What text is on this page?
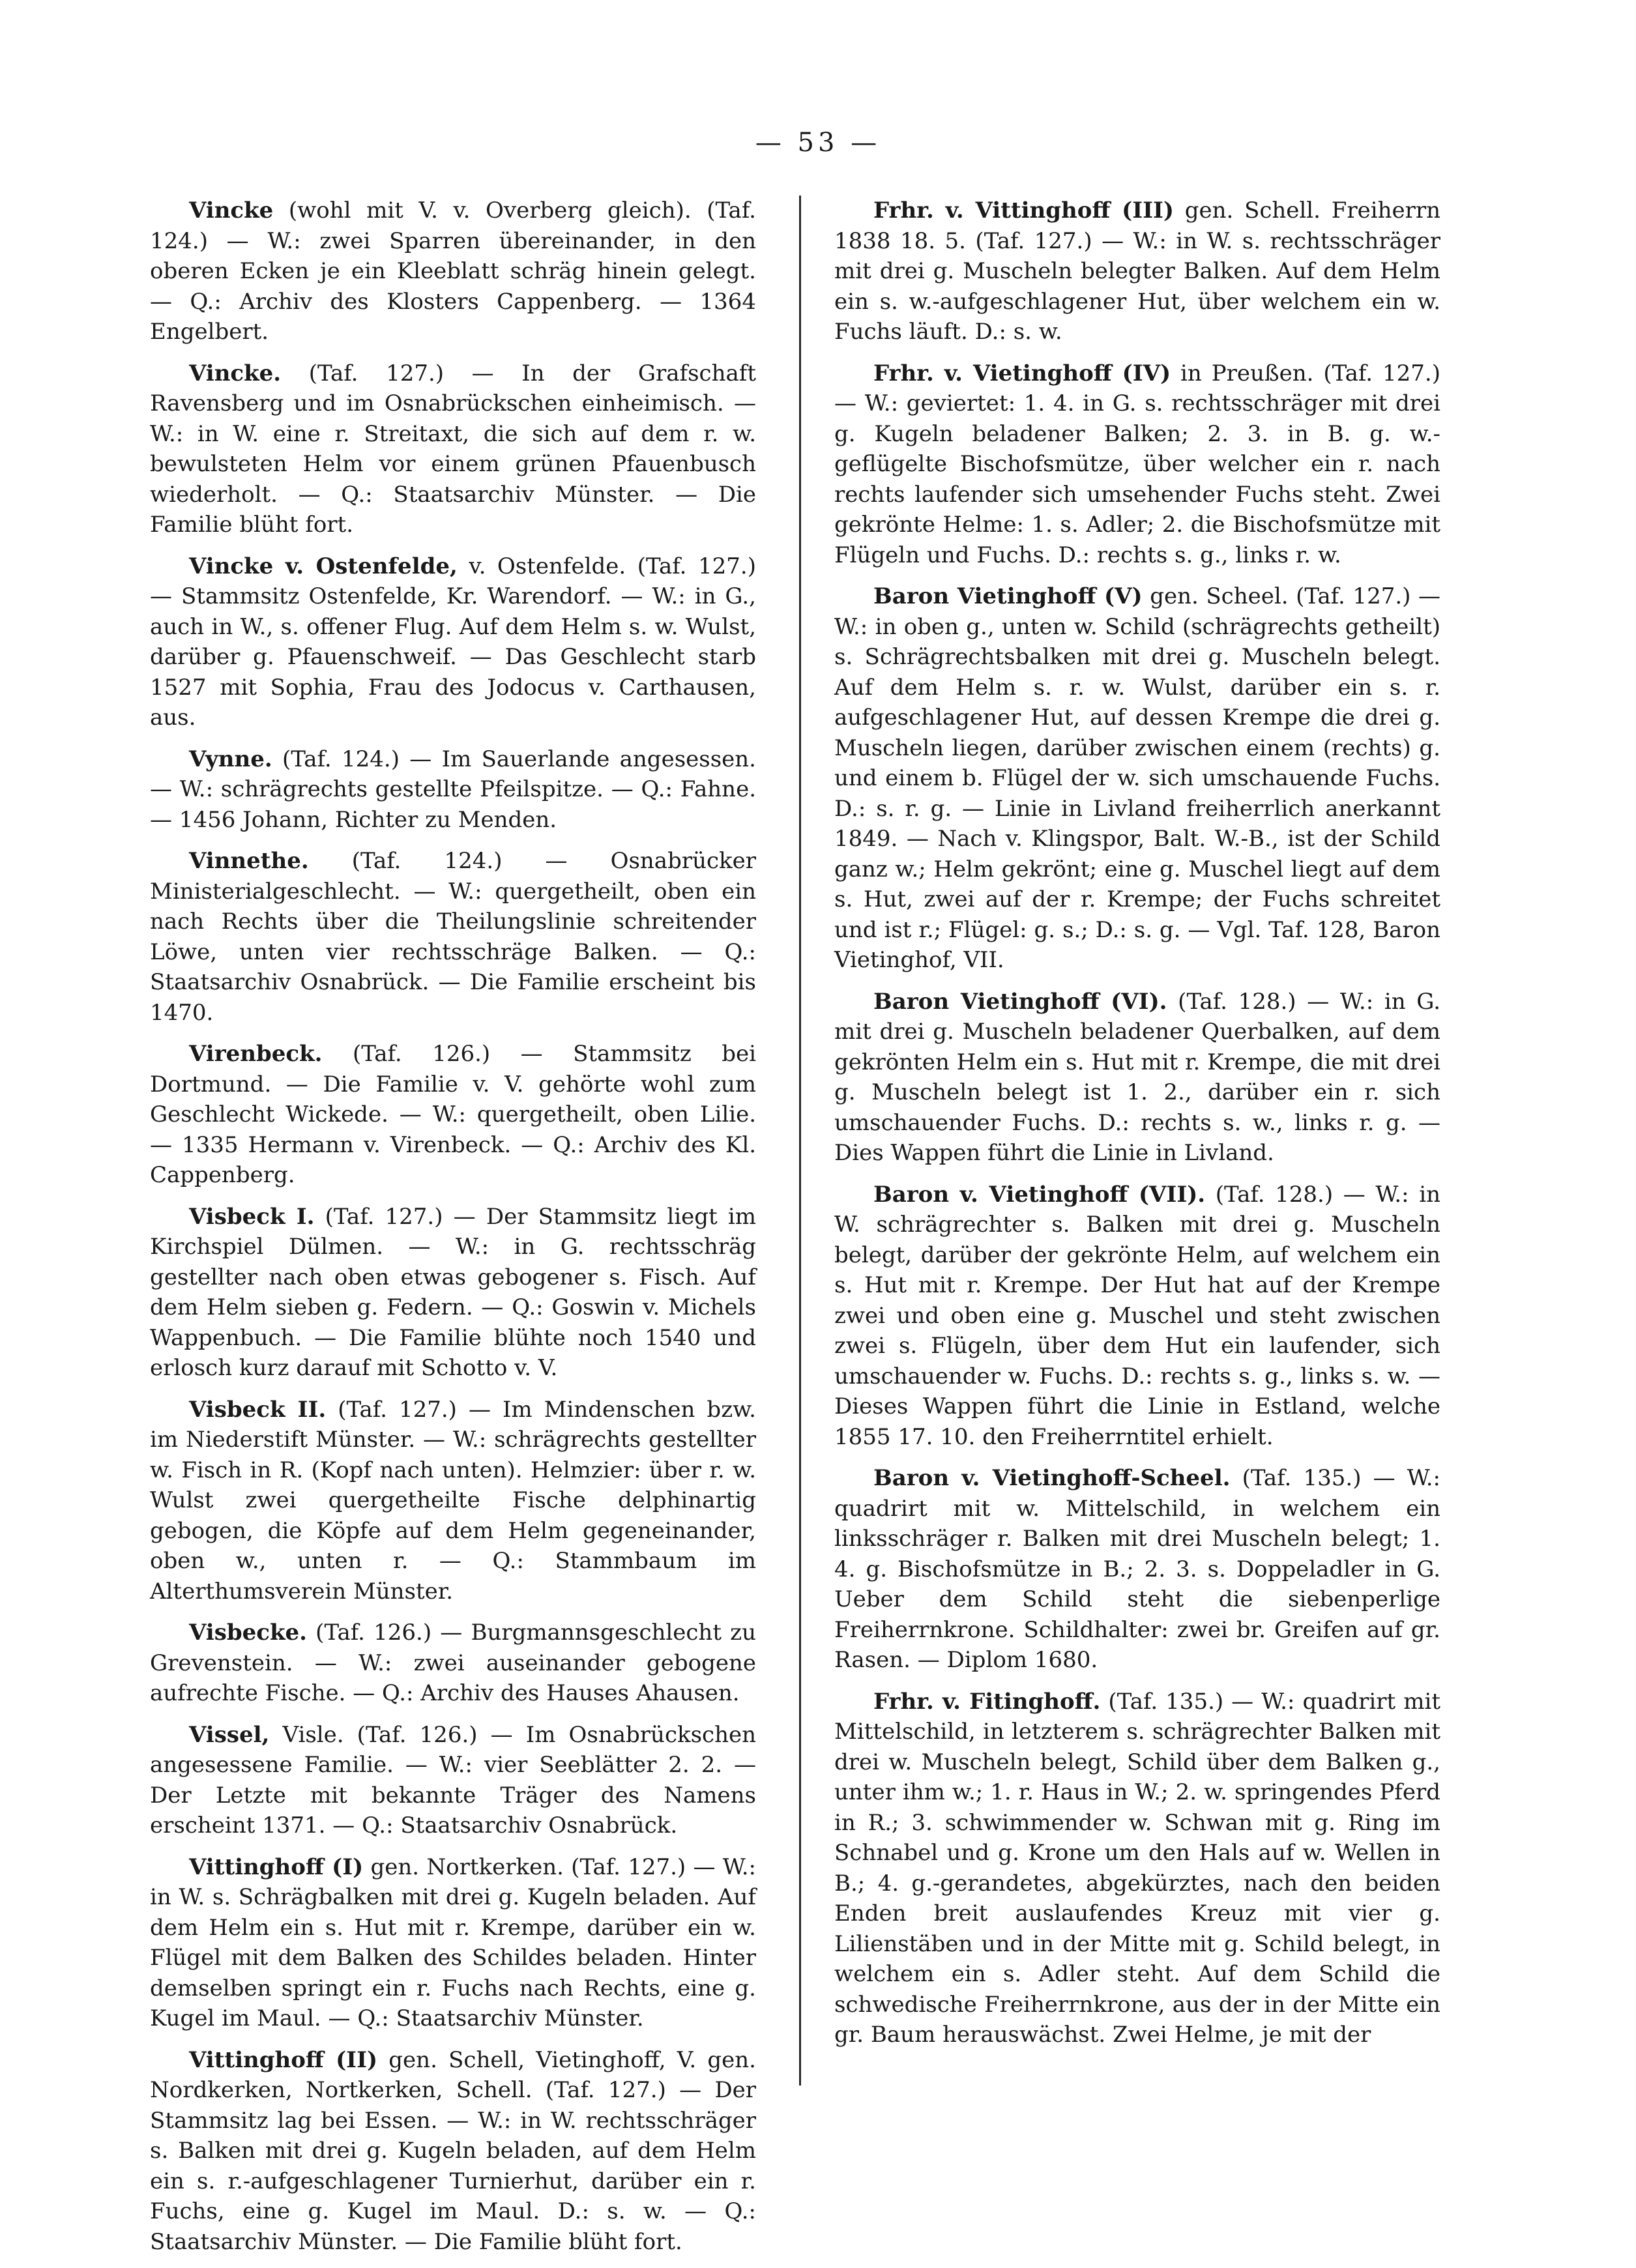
— 53 —

Vincke (wohl mit V. v. Overberg gleich). (Taf. 124.) — W.: zwei Sparren übereinander, in den oberen Ecken je ein Kleeblatt schräg hinein gelegt. — Q.: Archiv des Klosters Cappenberg. — 1364 Engelbert.

Vincke. (Taf. 127.) — In der Grafschaft Ravensberg und im Osnabrückschen einheimisch. — W.: in W. eine r. Streitaxt, die sich auf dem r. w. bewulsteten Helm vor einem grünen Pfauenbusch wiederholt. — Q.: Staatsarchiv Münster. — Die Familie blüht fort.

Vincke v. Ostenfelde, v. Ostenfelde. (Taf. 127.) — Stammsitz Ostenfelde, Kr. Warendorf. — W.: in G., auch in W., s. offener Flug. Auf dem Helm s. w. Wulst, darüber g. Pfauenschweif. — Das Geschlecht starb 1527 mit Sophia, Frau des Jodocus v. Carthausen, aus.

Vynne. (Taf. 124.) — Im Sauerlande angesessen. — W.: schrägrechts gestellte Pfeilspitze. — Q.: Fahne. — 1456 Johann, Richter zu Menden.

Vinnethe. (Taf. 124.) — Osnabrücker Ministerialgeschlecht. — W.: quergetheilt, oben ein nach Rechts über die Theilungslinie schreitender Löwe, unten vier rechtsschräge Balken. — Q.: Staatsarchiv Osnabrück. — Die Familie erscheint bis 1470.

Virenbeck. (Taf. 126.) — Stammsitz bei Dortmund. — Die Familie v. V. gehörte wohl zum Geschlecht Wickede. — W.: quergetheilt, oben Lilie. — 1335 Hermann v. Virenbeck. — Q.: Archiv des Kl. Cappenberg.

Visbeck I. (Taf. 127.) — Der Stammsitz liegt im Kirchspiel Dülmen. — W.: in G. rechtsschräg gestellter nach oben etwas gebogener s. Fisch. Auf dem Helm sieben g. Federn. — Q.: Goswin v. Michels Wappenbuch. — Die Familie blühte noch 1540 und erlosch kurz darauf mit Schotto v. V.

Visbeck II. (Taf. 127.) — Im Mindenschen bzw. im Niederstift Münster. — W.: schrägrechts gestellter w. Fisch in R. (Kopf nach unten). Helmzier: über r. w. Wulst zwei quergetheilte Fische delphinartig gebogen, die Köpfe auf dem Helm gegeneinander, oben w., unten r. — Q.: Stammbaum im Alterthumsverein Münster.

Visbecke. (Taf. 126.) — Burgmannsgeschlecht zu Grevenstein. — W.: zwei auseinander gebogene aufrechte Fische. — Q.: Archiv des Hauses Ahausen.

Vissel, Visle. (Taf. 126.) — Im Osnabrückschen angesessene Familie. — W.: vier Seeblätter 2. 2. — Der Letzte mit bekannte Träger des Namens erscheint 1371. — Q.: Staatsarchiv Osnabrück.

Vittinghoff (I) gen. Nortkerken. (Taf. 127.) — W.: in W. s. Schrägbalken mit drei g. Kugeln beladen. Auf dem Helm ein s. Hut mit r. Krempe, darüber ein w. Flügel mit dem Balken des Schildes beladen. Hinter demselben springt ein r. Fuchs nach Rechts, eine g. Kugel im Maul. — Q.: Staatsarchiv Münster.

Vittinghoff (II) gen. Schell, Vietinghoff, V. gen. Nordkerken, Nortkerken, Schell. (Taf. 127.) — Der Stammsitz lag bei Essen. — W.: in W. rechtsschräger s. Balken mit drei g. Kugeln beladen, auf dem Helm ein s. r.-aufgeschlagener Turnierhut, darüber ein r. Fuchs, eine g. Kugel im Maul. D.: s. w. — Q.: Staatsarchiv Münster. — Die Familie blüht fort.

Frhr. v. Vittinghoff (III) gen. Schell. Freiherrn 1838 18. 5. (Taf. 127.) — W.: in W. s. rechtsschräger mit drei g. Muscheln belegter Balken. Auf dem Helm ein s. w.-aufgeschlagener Hut, über welchem ein w. Fuchs läuft. D.: s. w.

Frhr. v. Vietinghoff (IV) in Preußen. (Taf. 127.) — W.: geviertet: 1. 4. in G. s. rechtsschräger mit drei g. Kugeln beladener Balken; 2. 3. in B. g. w.-geflügelte Bischofsmütze, über welcher ein r. nach rechts laufender sich umsehender Fuchs steht. Zwei gekrönte Helme: 1. s. Adler; 2. die Bischofsmütze mit Flügeln und Fuchs. D.: rechts s. g., links r. w.

Baron Vietinghoff (V) gen. Scheel. (Taf. 127.) — W.: in oben g., unten w. Schild (schrägrechts getheilt) s. Schrägrechtsbalken mit drei g. Muscheln belegt. Auf dem Helm s. r. w. Wulst, darüber ein s. r. aufgeschlagener Hut, auf dessen Krempe die drei g. Muscheln liegen, darüber zwischen einem (rechts) g. und einem b. Flügel der w. sich umschauende Fuchs. D.: s. r. g. — Linie in Livland freiherrlich anerkannt 1849. — Nach v. Klingspor, Balt. W.-B., ist der Schild ganz w.; Helm gekrönt; eine g. Muschel liegt auf dem s. Hut, zwei auf der r. Krempe; der Fuchs schreitet und ist r.; Flügel: g. s.; D.: s. g. — Vgl. Taf. 128, Baron Vietinghof, VII.

Baron Vietinghoff (VI). (Taf. 128.) — W.: in G. mit drei g. Muscheln beladener Querbalken, auf dem gekrönten Helm ein s. Hut mit r. Krempe, die mit drei g. Muscheln belegt ist 1. 2., darüber ein r. sich umschauender Fuchs. D.: rechts s. w., links r. g. — Dies Wappen führt die Linie in Livland.

Baron v. Vietinghoff (VII). (Taf. 128.) — W.: in W. schrägrechter s. Balken mit drei g. Muscheln belegt, darüber der gekrönte Helm, auf welchem ein s. Hut mit r. Krempe. Der Hut hat auf der Krempe zwei und oben eine g. Muschel und steht zwischen zwei s. Flügeln, über dem Hut ein laufender, sich umschauender w. Fuchs. D.: rechts s. g., links s. w. — Dieses Wappen führt die Linie in Estland, welche 1855 17. 10. den Freiherrntitel erhielt.

Baron v. Vietinghoff-Scheel. (Taf. 135.) — W.: quadrirt mit w. Mittelschild, in welchem ein linksschräger r. Balken mit drei Muscheln belegt; 1. 4. g. Bischofsmütze in B.; 2. 3. s. Doppeladler in G. Ueber dem Schild steht die siebenperlige Freiherrnkrone. Schildhalter: zwei br. Greifen auf gr. Rasen. — Diplom 1680.

Frhr. v. Fitinghoff. (Taf. 135.) — W.: quadrirt mit Mittelschild, in letzterem s. schrägrechter Balken mit drei w. Muscheln belegt, Schild über dem Balken g., unter ihm w.; 1. r. Haus in W.; 2. w. springendes Pferd in R.; 3. schwimmender w. Schwan mit g. Ring im Schnabel und g. Krone um den Hals auf w. Wellen in B.; 4. g.-gerandetes, abgekürztes, nach den beiden Enden breit auslaufendes Kreuz mit vier g. Lilienstäben und in der Mitte mit g. Schild belegt, in welchem ein s. Adler steht. Auf dem Schild die schwedische Freiherrnkrone, aus der in der Mitte ein gr. Baum herauswächst. Zwei Helme, je mit der
